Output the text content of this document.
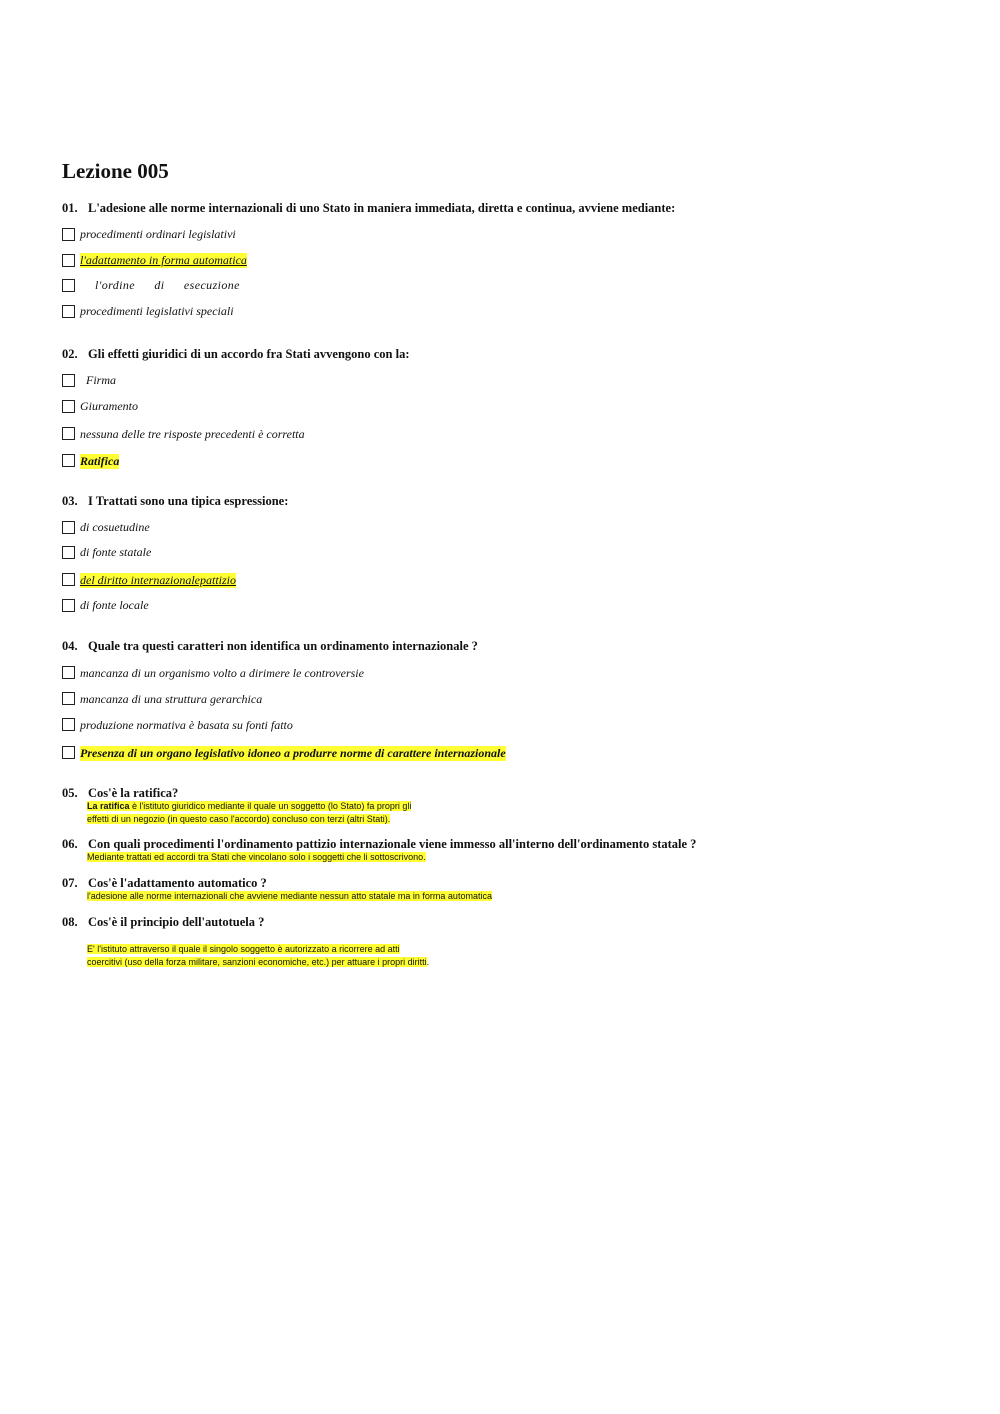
Lezione 005
01. L'adesione alle norme internazionali di uno Stato in maniera immediata, diretta e continua, avviene mediante:
procedimenti ordinari legislativi
l'adattamento in forma automatica
l'ordine di esecuzione
procedimenti legislativi speciali
02. Gli effetti giuridici di un accordo fra Stati avvengono con la:
Firma
Giuramento
nessuna delle tre risposte precedenti è corretta
Ratifica
03. I Trattati sono una tipica espressione:
di cosuetudine
di fonte statale
del diritto internazionalepattizio
di fonte locale
04. Quale tra questi caratteri non identifica un ordinamento internazionale ?
mancanza di un organismo volto a dirimere le controversie
mancanza di una struttura gerarchica
produzione normativa è basata su fonti fatto
Presenza di un organo legislativo idoneo a produrre norme di carattere internazionale
05. Cos'è la ratifica?
La ratifica è l'istituto giuridico mediante il quale un soggetto (lo Stato) fa propri gli
effetti di un negozio (in questo caso l'accordo) concluso con terzi (altri Stati).
06. Con quali procedimenti l'ordinamento pattizio internazionale viene immesso all'interno dell'ordinamento statale ?
Mediante trattati ed accordi tra Stati che vincolano solo i soggetti che li sottoscrivono.
07. Cos'è l'adattamento automatico ?
l'adesione alle norme internazionali che avviene mediante nessun atto statale ma in forma automatica
08. Cos'è il principio dell'autotuela ?
E' l'istituto attraverso il quale il singolo soggetto è autorizzato a ricorrere ad atti
coercitivi (uso della forza militare, sanzioni economiche, etc.) per attuare i propri diritti.
